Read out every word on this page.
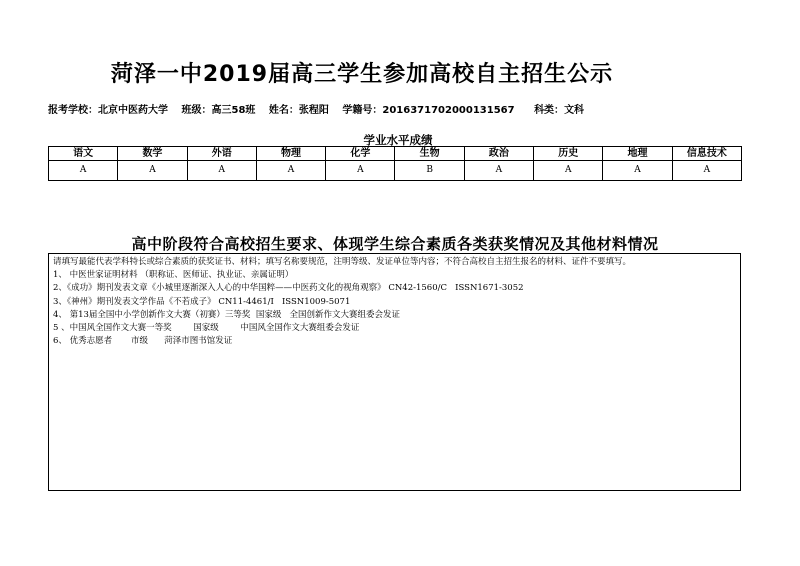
菏泽一中2019届高三学生参加高校自主招生公示
报考学校：北京中医药大学 班级：高三58班 姓名：张程阳 学籍号：2016371702000131567 科类：文科
学业水平成绩
语文	数学	外语	物理	化学	生物	政治	历史	地理	信息技术
A	A	A	A	A	B	A	A	A	A
高中阶段符合高校招生要求、体现学生综合素质各类获奖情况及其他材料情况
请填写最能代表学科特长或综合素质的获奖证书、材料；填写名称要规范，注明等级、发证单位等内容；不符合高校自主招生报名的材料、证件不要填写。
1、 中医世家证明材料 （职称证、医师证、执业证、亲属证明）
2、《成功》期刊发表文章《小城里逐渐深入人心的中华国粹——中医药文化的视角观察》 CN42-1560/C   ISSN1671-3052
3、《神州》期刊发表文学作品《不若成子》 CN11-4461/I   ISSN1009-5071
4、 第13届全国中小学创新作文大赛（初赛）三等奖  国家级   全国创新作文大赛组委会发证
5 、中国风全国作文大赛一等奖        国家级        中国风全国作文大赛组委会发证
6、 优秀志愿者       市级      菏泽市图书馆发证
